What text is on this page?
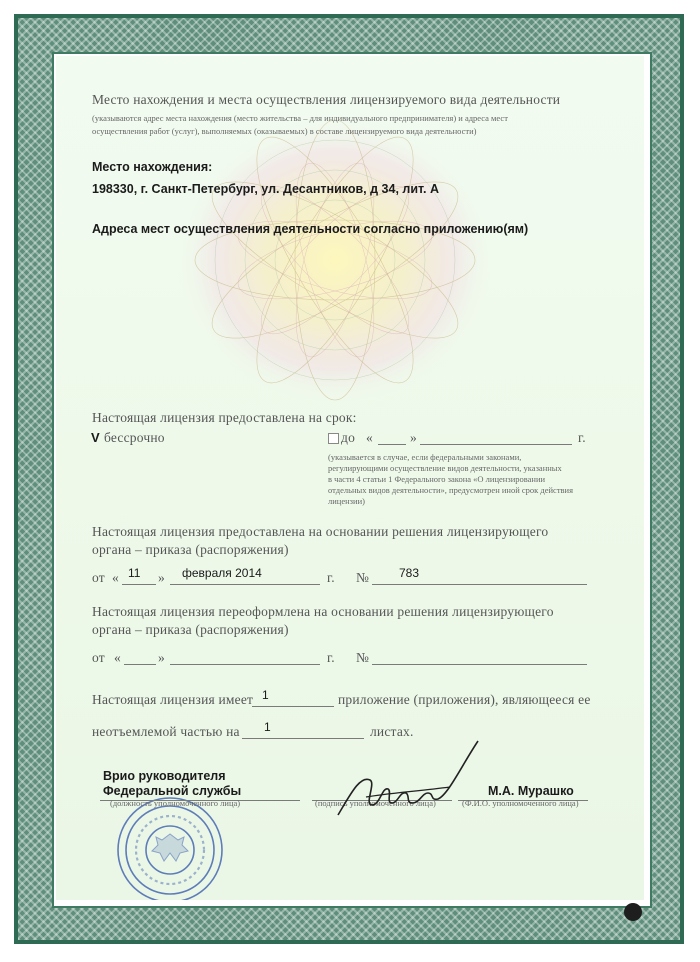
Место нахождения и места осуществления лицензируемого вида деятельности
(указываются адрес места нахождения (место жительства – для индивидуального предпринимателя) и адреса мест
осуществления работ (услуг), выполняемых (оказываемых) в составе лицензируемого вида деятельности)
Место нахождения:
198330, г. Санкт-Петербург, ул. Десантников, д 34, лит. А
Адреса мест осуществления деятельности согласно приложению(ям)
Настоящая лицензия предоставлена на срок:
V бессрочно	до «	»	г.
(указывается в случае, если федеральными законами,
регулирующими осуществление видов деятельности, указанных
в части 4 статьи 1 Федерального закона «О лицензировании
отдельных видов деятельности», предусмотрен иной срок действия
лицензии)
Настоящая лицензия предоставлена на основании решения лицензирующего
органа – приказа (распоряжения)
от « 11 » февраля 2014	г. № 783
Настоящая лицензия переоформлена на основании решения лицензирующего
органа – приказа (распоряжения)
от «	»	г. №
Настоящая лицензия имеет 1	приложение (приложения), являющееся ее
неотъемлемой частью на 1	листах.
Врио руководителя
Федеральной службы
(должность уполномоченного лица)	(подпись уполномоченного лица)
М.А. Мурашко
(Ф.И.О. уполномоченного лица)
